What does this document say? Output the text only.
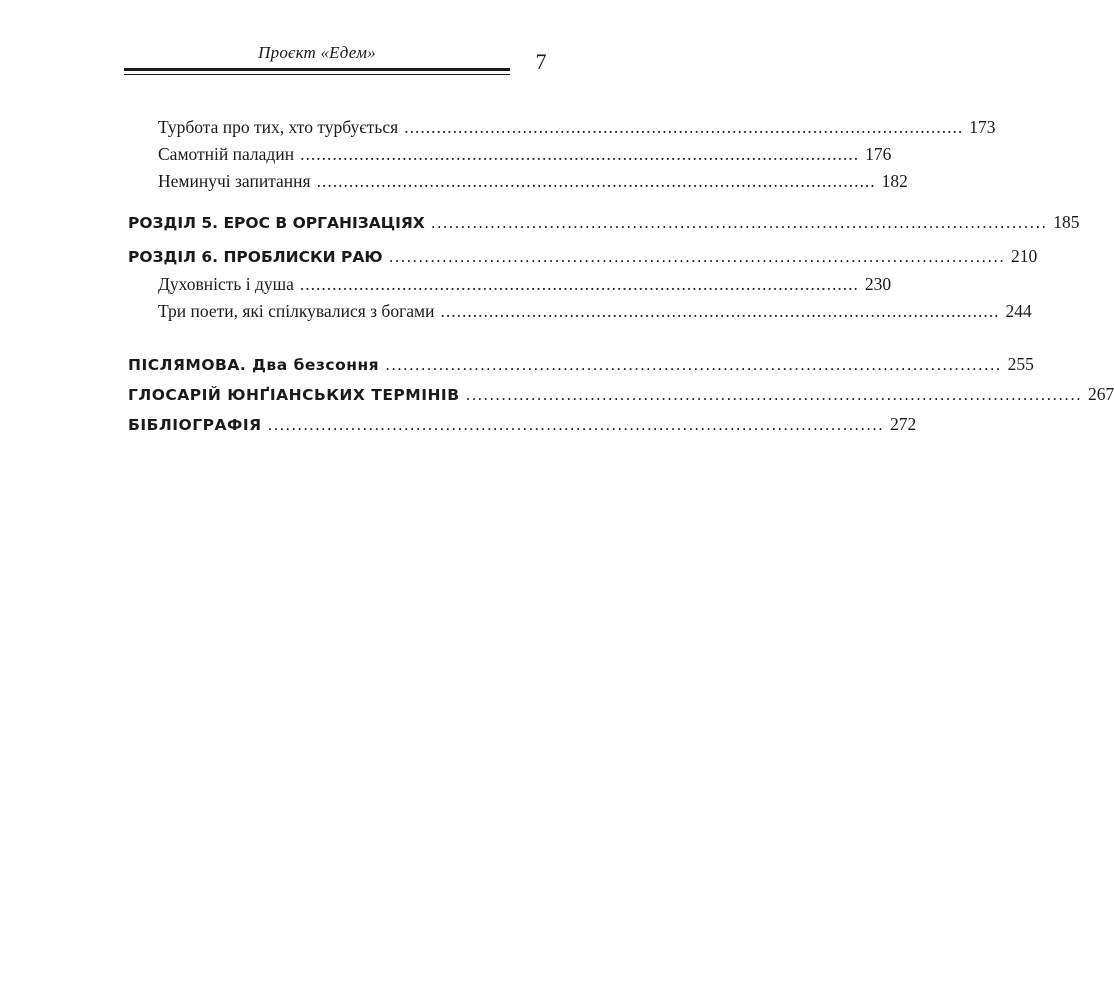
Проєкт «Едем»	7
Турбота про тих, хто турбується ........................................................................................................ 173
Самотній паладин ........................................................................................................ 176
Неминучі запитання ........................................................................................................ 182
РОЗДІЛ 5. ЕРОС В ОРГАНІЗАЦІЯХ ........................................................................................................ 185
РОЗДІЛ 6. ПРОБЛИСКИ РАЮ ........................................................................................................ 210
Духовність і душа ........................................................................................................ 230
Три поети, які спілкувалися з богами ........................................................................................................ 244
ПІСЛЯМОВА. Два безсоння ........................................................................................................ 255
ГЛОСАРІЙ ЮНҐІАНСЬКИХ ТЕРМІНІВ ........................................................................................................ 267
БІБЛІОГРАФІЯ ........................................................................................................ 272
